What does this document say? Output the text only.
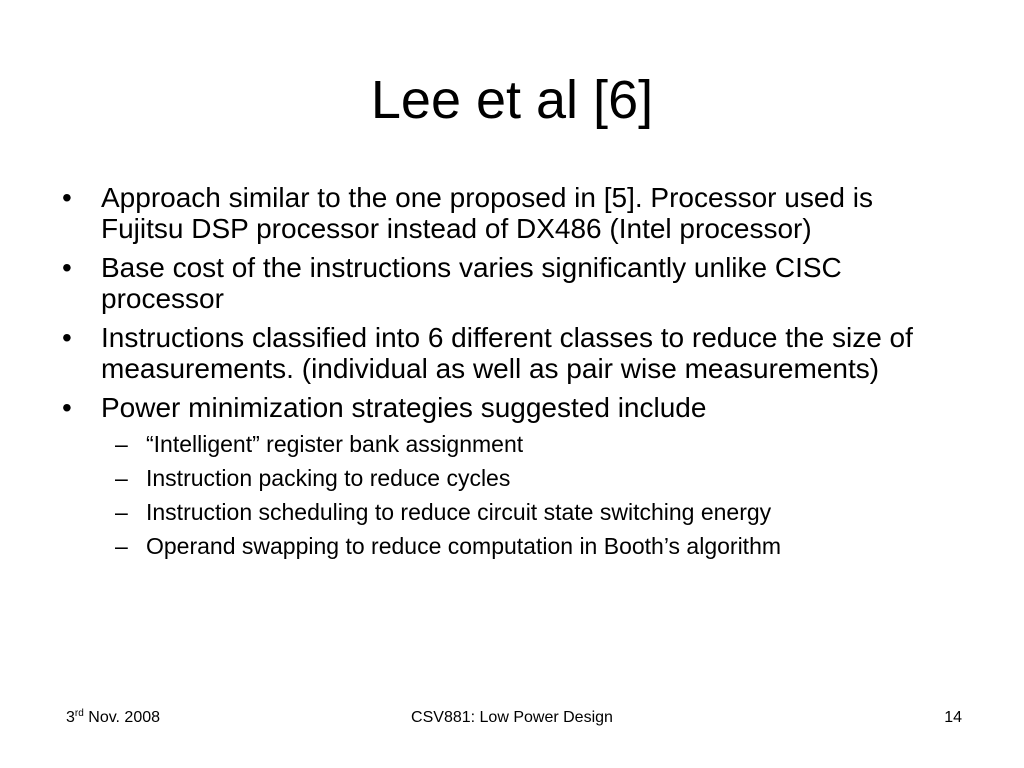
Lee et al [6]
• Approach similar to the one proposed in [5]. Processor used is Fujitsu DSP processor instead of DX486 (Intel processor)
• Base cost of the instructions varies significantly unlike CISC processor
• Instructions classified into 6 different classes to reduce the size of measurements. (individual as well as pair wise measurements)
• Power minimization strategies suggested include
– “Intelligent” register bank assignment
– Instruction packing to reduce cycles
– Instruction scheduling to reduce circuit state switching energy
– Operand swapping to reduce computation in Booth’s algorithm
3rd Nov. 2008	CSV881: Low Power Design	14
